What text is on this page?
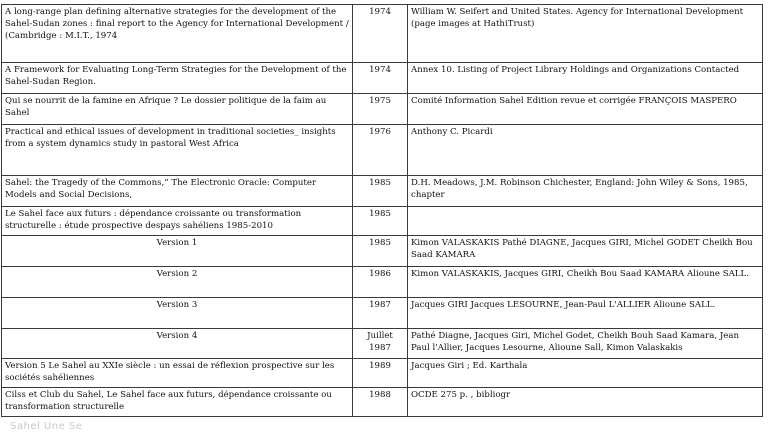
A long-range plan defining alternative strategies for the development of the Sahel-Sudan zones : final report to the Agency for International Development / (Cambridge : M.I.T., 1974	1974	William W. Seifert and United States. Agency for International Development (page images at HathiTrust)
A Framework for Evaluating Long-Term Strategies for the Development of the Sahel-Sudan Region.	1974	Annex 10. Listing of Project Library Holdings and Organizations Contacted
Qui se nourrit de la famine en Afrique ? Le dossier politique de la faim au Sahel	1975	Comité Information Sahel Edition revue et corrigée FRANÇOIS MASPERO
Practical and ethical issues of development in traditional societies_ insights from a system dynamics study in pastoral West Africa	1976	Anthony C. Picardi
Sahel: the Tragedy of the Commons,” The Electronic Oracle: Computer Models and Social Decisions,	1985	D.H. Meadows, J.M. Robinson Chichester, England: John Wiley & Sons, 1985, chapter
Le Sahel face aux futurs : dépendance croissante ou transformation structurelle : étude prospective despays sahéliens 1985-2010	1985	
Version 1	1985	Kimon VALASKAKIS Pathé DIAGNE, Jacques GIRI, Michel GODET Cheikh Bou Saad KAMARA
Version 2	1986	Kimon VALASKAKIS, Jacques GIRI, Cheikh Bou Saad KAMARA Alioune SALL.
Version 3	1987	Jacques GIRI Jacques LESOURNE, Jean-Paul L'ALLIER Alioune SALL.
Version 4	Juillet 1987	Pathé Diagne, Jacques Giri, Michel Godet, Cheikh Bouh Saad Kamara, Jean Paul l'Allier, Jacques Lesourne, Alioune Sall, Kimon Valaskakis
Version 5 Le Sahel au XXIe siècle : un essai de réflexion prospective sur les sociétés sahéliennes	1989	Jacques Giri ; Ed. Karthala
Cilss et Club du Sahel, Le Sahel face aux futurs, dépendance croissante ou transformation structurelle	1988	OCDE 275 p. , bibliogr
Sahel Une Se
